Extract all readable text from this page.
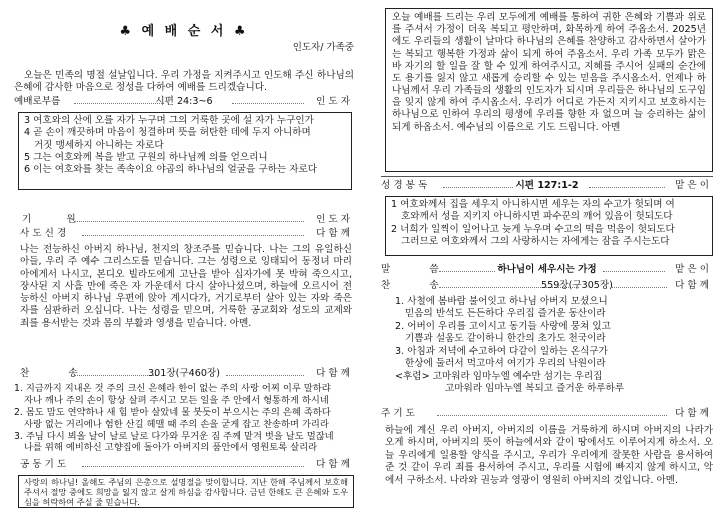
♣ 예 배 순 서 ♣
인도자/ 가족중
오늘은 민족의 명절 설날입니다. 우리 가정을 지켜주시고 인도해 주신 하나님의 은혜에 감사한 마음으로 정성을 다하여 예배를 드리겠습니다.
예배로부름	시편 24:3~6	인 도 자
3 여호와의 산에 오를 자가 누구며 그의 거룩한 곳에 설 자가 누구인가
4 곧 손이 깨끗하며 마음이 청결하며 뜻을 허탄한 데에 두지 아니하며
거짓 맹세하지 아니하는 자로다
5 그는 여호와께 복을 받고 구원의 하나님께 의를 얻으리니
6 이는 여호와를 찾는 족속이요 야곱의 하나님의 얼굴을 구하는 자로다
기 원	인 도 자
사 도 신 경	다 함 께
나는 전능하신 아버지 하나님, 천지의 창조주를 믿습니다. 나는 그의 유일하신 아들, 우리 주 예수 그리스도를 믿습니다. 그는 성령으로 잉태되어 동정녀 마리아에게서 나시고, 본디오 빌라도에게 고난을 받아 십자가에 못 박혀 죽으시고, 장사된 지 사흘 만에 죽은 자 가운데서 다시 살아나셨으며, 하늘에 오르시어 전능하신 아버지 하나님 우편에 앉아 계시다가, 거기로부터 살아 있는 자와 죽은 자를 심판하러 오십니다. 나는 성령을 믿으며, 거룩한 공교회와 성도의 교제와 죄를 용서받는 것과 몸의 부활과 영생을 믿습니다. 아멘.
찬 송	301장(구460장)	다 함 께
1. 지금까지 지내온 것 주의 크신 은혜라 한이 없는 주의 사랑 어찌 이루 말하랴
자나 깨나 주의 손이 항상 살펴 주시고 모든 일을 주 안에서 형통하게 하시네
2. 몸도 맘도 연약하나 새 힘 받아 살았네 물 붓듯이 부으시는 주의 은혜 족하다
사랑 없는 거리에나 험한 산길 헤맬 때 주의 손을 굳게 잡고 찬송하며 가리라
3. 주님 다시 뵈올 날이 날로 날로 다가와 무거운 짐 주께 맡겨 벗을 날도 멀잖네
나를 위해 예비하신 고향집에 돌아가 아버지의 품안에서 영원토록 살리라
공 동 기 도	다 함 께
사랑의 하나님! 올해도 주님의 은총으로 설명절을 맞이합니다. 지난 한해 주님께서 보호해 주셔서 절망 중에도 희망을 잃지 않고 살게 하심을 감사합니다. 금년 한해도 큰 은혜와 도우심을 허락하여 주실 줄 믿습니다.
오늘 예배를 드리는 우리 모두에게 예배를 통하여 귀한 은혜와 기쁨과 위로를 주셔서 가정이 더욱 복되고 평안하며, 화목하게 하여 주옵소서. 2025년에도 우리들의 생활이 날마다 하나님의 은혜를 찬양하고 감사하면서 살아가는 복되고 행복한 가정과 삶이 되게 하여 주옵소서. 우리 가족 모두가 맑은바 자기의 할 일을 잘 할 수 있게 하여주시고, 지혜를 주시어 실패의 순간에도 용기를 잃지 않고 새롭게 승리할 수 있는 믿음을 주시옵소서. 언제나 하나님께서 우리 가족들의 생활의 인도자가 되시며 우리들은 하나님의 도구임을 잊지 않게 하여 주시옵소서. 우리가 어디로 가든지 지키시고 보호하시는 하나님으로 인하여 우리의 평생에 우리를 향한 자 없으며 늘 승리하는 삶이 되게 하옵소서. 예수님의 이름으로 기도 드립니다. 아멘
성 경 봉 독	시편 127:1-2	맡 은 이
1 여호와께서 집을 세우지 아니하시면 세우는 자의 수고가 헛되며 여
호와께서 성을 지키지 아니하시면 파수꾼의 깨어 있음이 헛되도다
2 너희가 일찍이 일어나고 늦게 누우며 수고의 떡을 먹음이 헛되도다
그러므로 여호와께서 그의 사랑하시는 자에게는 잠을 주시는도다
말 씀	하나님이 세우시는 가정	맡 은 이
찬 송	559장(구305장)	다 함 께
1. 사철에 봄바람 불어잇고 하나님 아버지 모셨으니
믿음의 반석도 든든하다 우리집 즐거운 동산이라
2. 어버이 우리를 고이시고 동기들 사랑에 뭉쳐 있고
기쁨과 설움도 같이하니 한간의 초가도 천국이라
3. 아침과 저녁에 수고하여 다같이 일하는 온식구가
한상에 둘러서 먹고마셔 여기가 우리의 낙원이라
<후렴> 고마워라 임마누엘 예수만 섬기는 우리집
고마워라 임마누엘 복되고 즐거운 하루하루
주 기 도	다 함 께
하늘에 계신 우리 아버지, 아버지의 이름을 거룩하게 하시며 아버지의 나라가 오게 하시며, 아버지의 뜻이 하늘에서와 같이 땅에서도 이루어지게 하소서. 오늘 우리에게 일용할 양식을 주시고, 우리가 우리에게 잘못한 사람을 용서하여 준 것 같이 우리 죄를 용서하여 주시고, 우리를 시험에 빠지지 않게 하시고, 악에서 구하소서. 나라와 권능과 영광이 영원히 아버지의 것입니다. 아멘.
